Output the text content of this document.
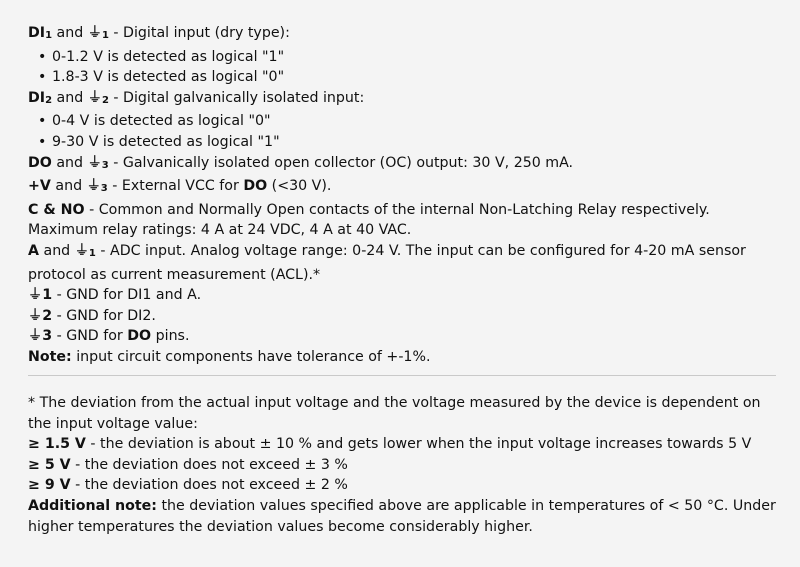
DI1 and ⏚1 - Digital input (dry type):
• 0-1.2 V is detected as logical "1"
• 1.8-3 V is detected as logical "0"
DI2 and ⏚2 - Digital galvanically isolated input:
• 0-4 V is detected as logical "0"
• 9-30 V is detected as logical "1"
DO and ⏚3 - Galvanically isolated open collector (OC) output: 30 V, 250 mA.
+V and ⏚3 - External VCC for DO (<30 V).
C & NO - Common and Normally Open contacts of the internal Non-Latching Relay respectively.
Maximum relay ratings: 4 A at 24 VDC, 4 A at 40 VAC.
A and ⏚1 - ADC input. Analog voltage range: 0-24 V. The input can be configured for 4-20 mA sensor protocol as current measurement (ACL).*
⏚1 - GND for DI1 and A.
⏚2 - GND for DI2.
⏚3 - GND for DO pins.
Note: input circuit components have tolerance of +-1%.
* The deviation from the actual input voltage and the voltage measured by the device is dependent on the input voltage value:
≥ 1.5 V - the deviation is about ± 10 % and gets lower when the input voltage increases towards 5 V
≥ 5 V - the deviation does not exceed ± 3 %
≥ 9 V - the deviation does not exceed ± 2 %
Additional note: the deviation values specified above are applicable in temperatures of < 50 °C. Under higher temperatures the deviation values become considerably higher.
